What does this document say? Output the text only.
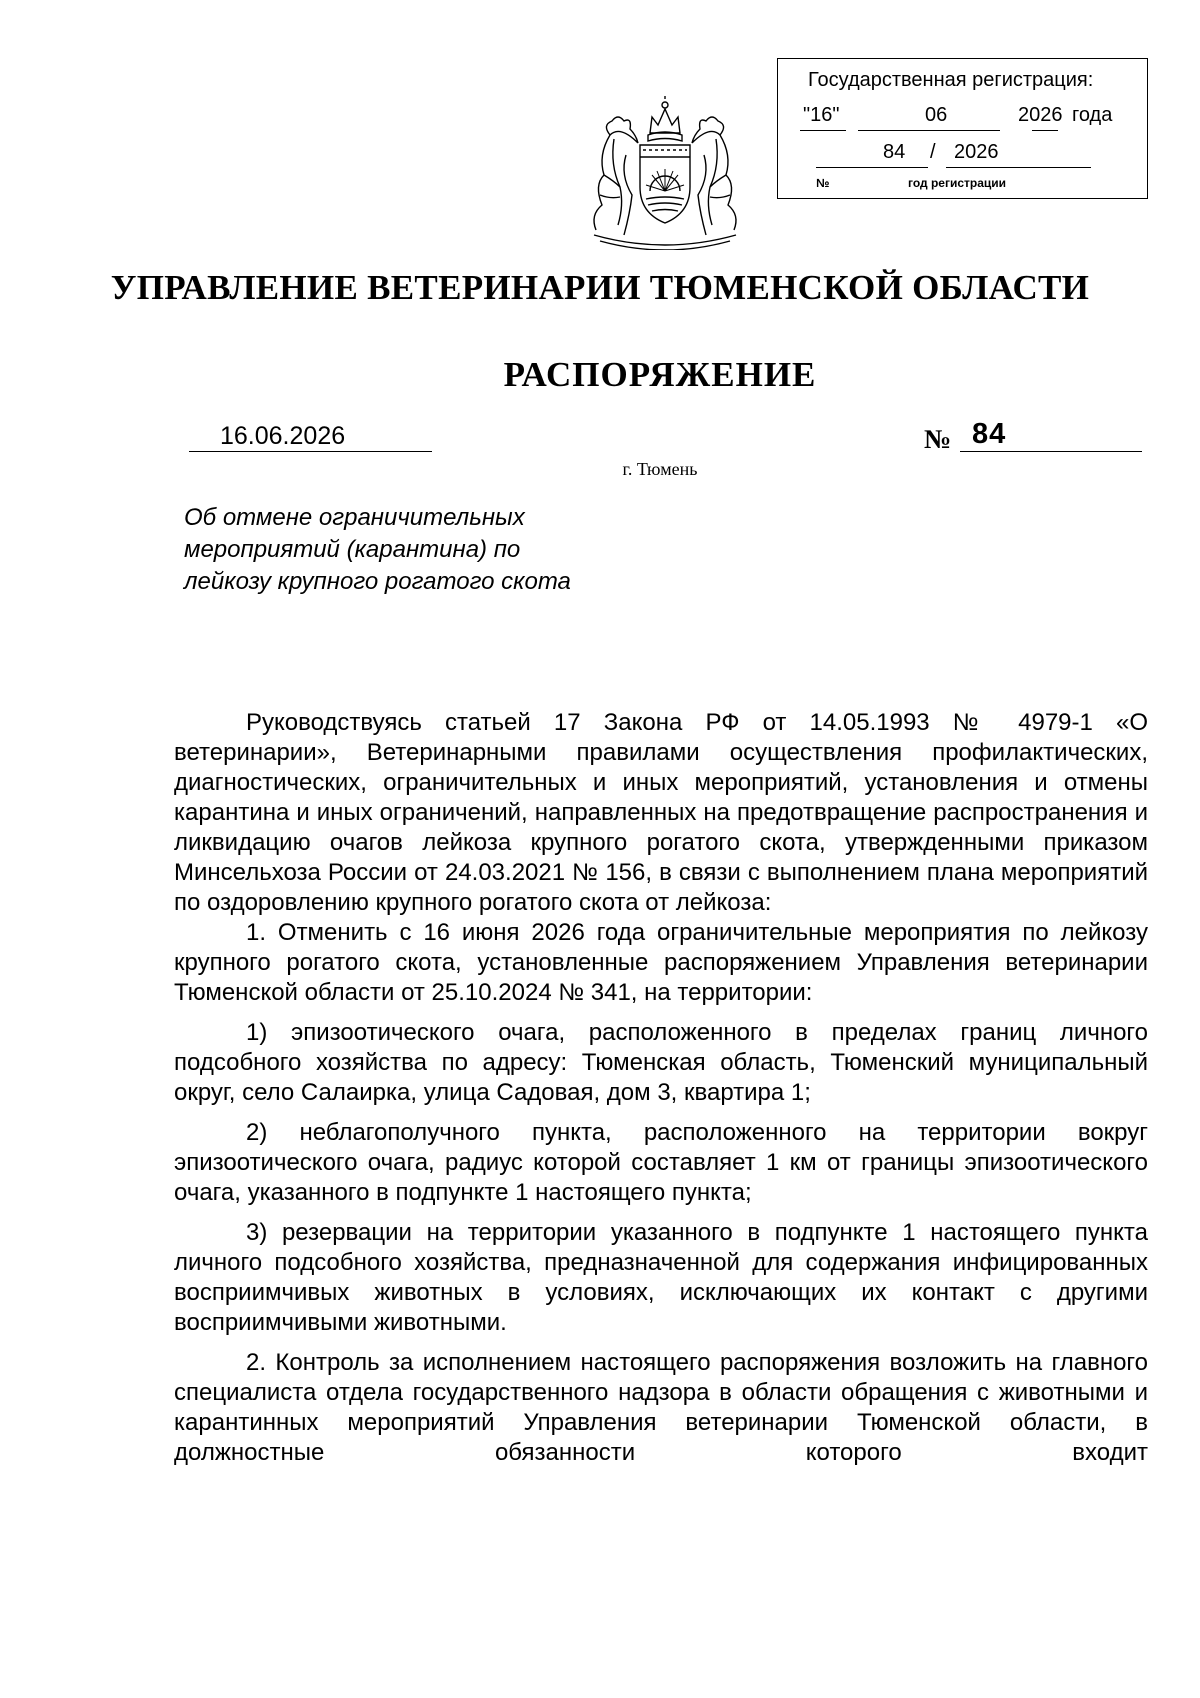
Государственная регистрация:
"16"	06	2026 года
84 / 2026
№	год регистрации
УПРАВЛЕНИЕ ВЕТЕРИНАРИИ ТЮМЕНСКОЙ ОБЛАСТИ
РАСПОРЯЖЕНИЕ
16.06.2026	№ 84
г. Тюмень
Об отмене ограничительных
мероприятий (карантина) по
лейкозу крупного рогатого скота

Руководствуясь статьей 17 Закона РФ от 14.05.1993 № 4979-1 «О ветеринарии», Ветеринарными правилами осуществления профилактических, диагностических, ограничительных и иных мероприятий, установления и отмены карантина и иных ограничений, направленных на предотвращение распространения и ликвидацию очагов лейкоза крупного рогатого скота, утвержденными приказом Минсельхоза России от 24.03.2021 № 156, в связи с выполнением плана мероприятий по оздоровлению крупного рогатого скота от лейкоза:

1. Отменить с 16 июня 2026 года ограничительные мероприятия по лейкозу крупного рогатого скота, установленные распоряжением Управления ветеринарии Тюменской области от 25.10.2024 № 341, на территории:

1) эпизоотического очага, расположенного в пределах границ личного подсобного хозяйства по адресу: Тюменская область, Тюменский муниципальный округ, село Салаирка, улица Садовая, дом 3, квартира 1;

2) неблагополучного пункта, расположенного на территории вокруг эпизоотического очага, радиус которой составляет 1 км от границы эпизоотического очага, указанного в подпункте 1 настоящего пункта;

3) резервации на территории указанного в подпункте 1 настоящего пункта личного подсобного хозяйства, предназначенной для содержания инфицированных восприимчивых животных в условиях, исключающих их контакт с другими восприимчивыми животными.

2. Контроль за исполнением настоящего распоряжения возложить на главного специалиста отдела государственного надзора в области обращения с животными и карантинных мероприятий Управления ветеринарии Тюменской области, в должностные обязанности которого входит
